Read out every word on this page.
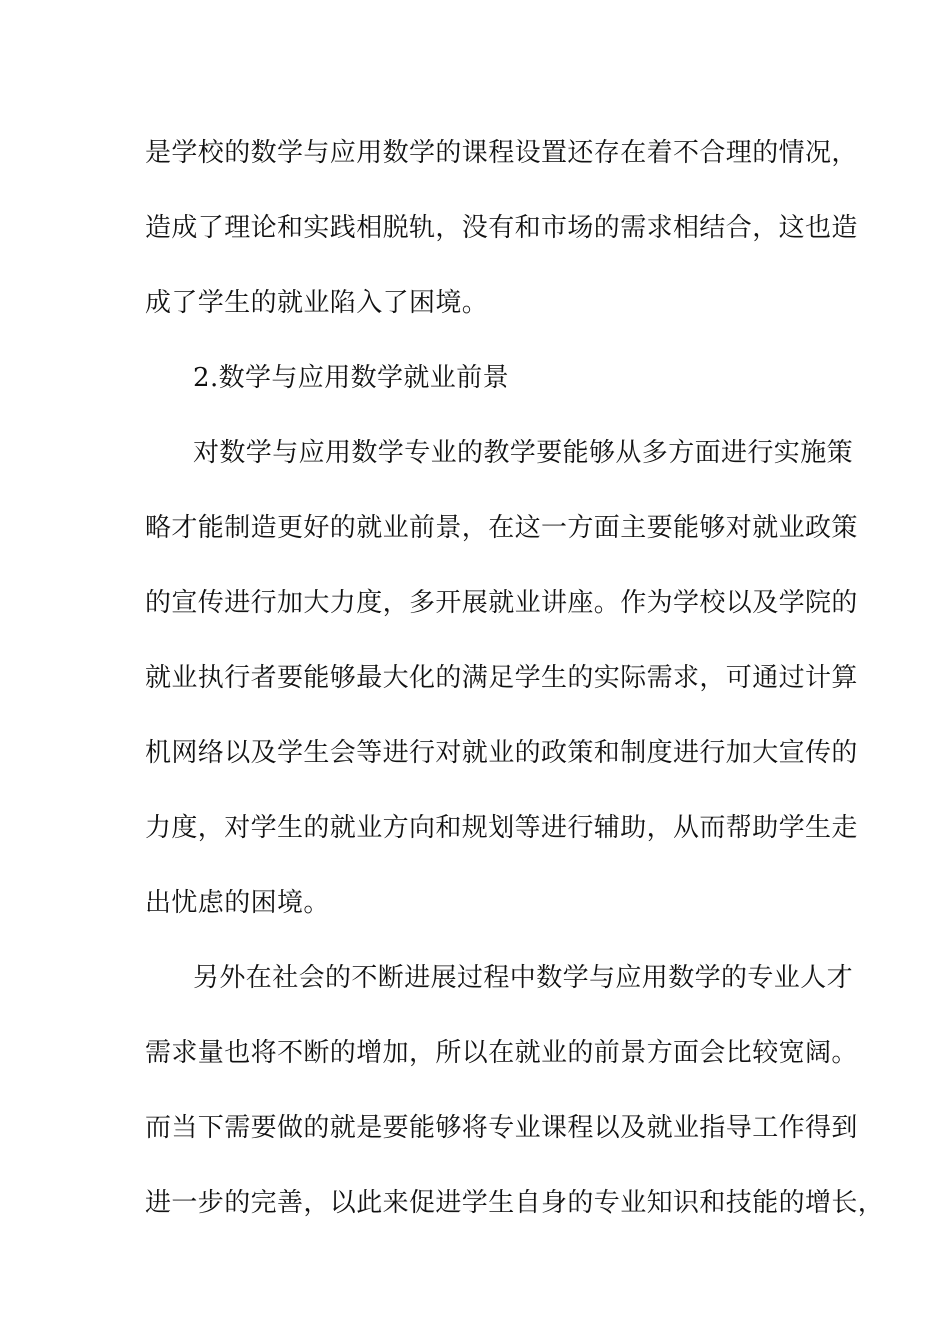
是学校的数学与应用数学的课程设置还存在着不合理的情况，
造成了理论和实践相脱轨，没有和市场的需求相结合，这也造
成了学生的就业陷入了困境。
2.数学与应用数学就业前景
对数学与应用数学专业的教学要能够从多方面进行实施策
略才能制造更好的就业前景，在这一方面主要能够对就业政策
的宣传进行加大力度，多开展就业讲座。作为学校以及学院的
就业执行者要能够最大化的满足学生的实际需求，可通过计算
机网络以及学生会等进行对就业的政策和制度进行加大宣传的
力度，对学生的就业方向和规划等进行辅助，从而帮助学生走
出忧虑的困境。
另外在社会的不断进展过程中数学与应用数学的专业人才
需求量也将不断的增加，所以在就业的前景方面会比较宽阔。
而当下需要做的就是要能够将专业课程以及就业指导工作得到
进一步的完善，以此来促进学生自身的专业知识和技能的增长，
